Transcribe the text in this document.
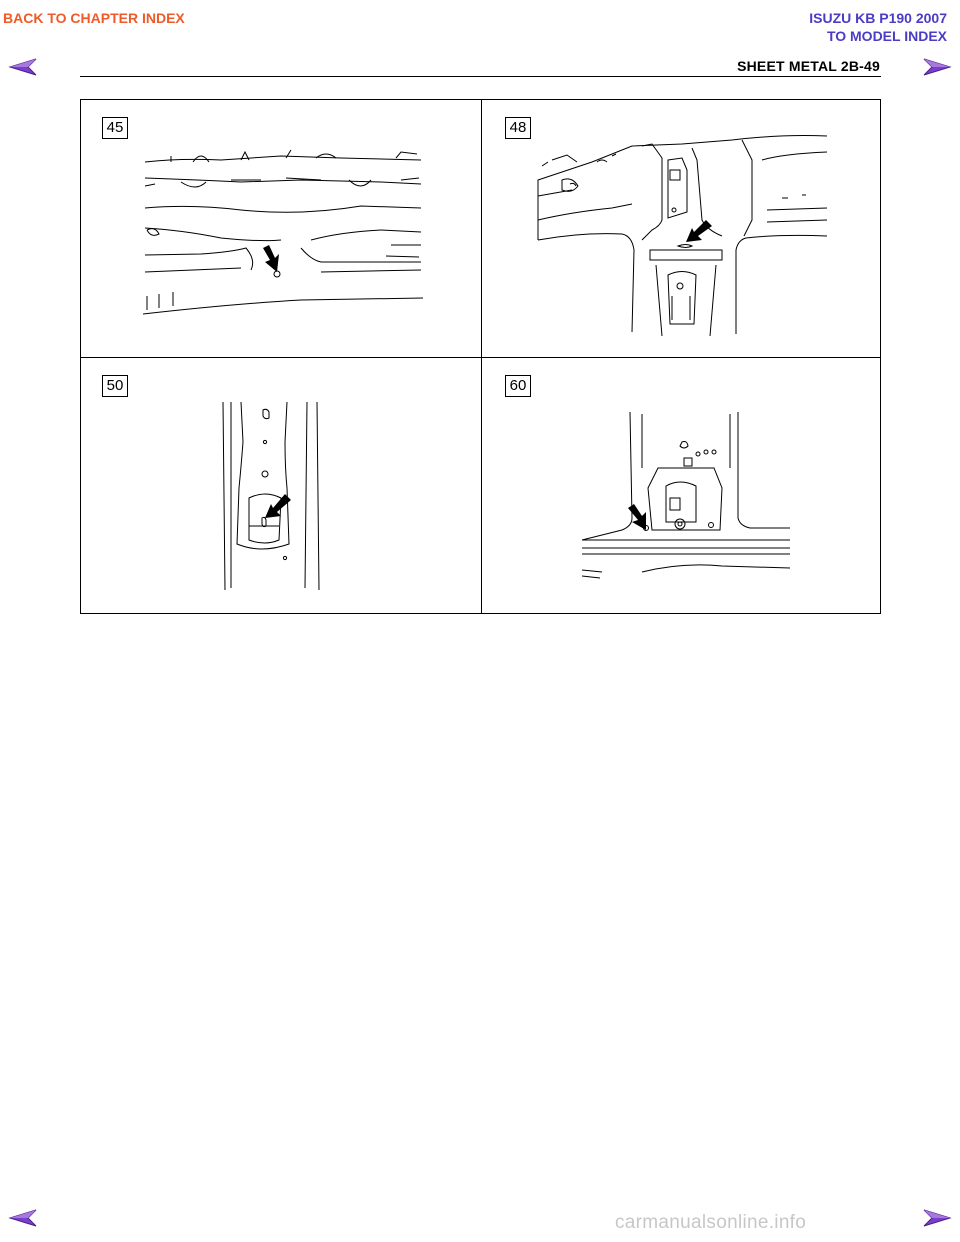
BACK TO CHAPTER INDEX	ISUZU KB P190 2007
TO MODEL INDEX
SHEET METAL 2B-49
45	48
50	60
carmanualsonline.info
